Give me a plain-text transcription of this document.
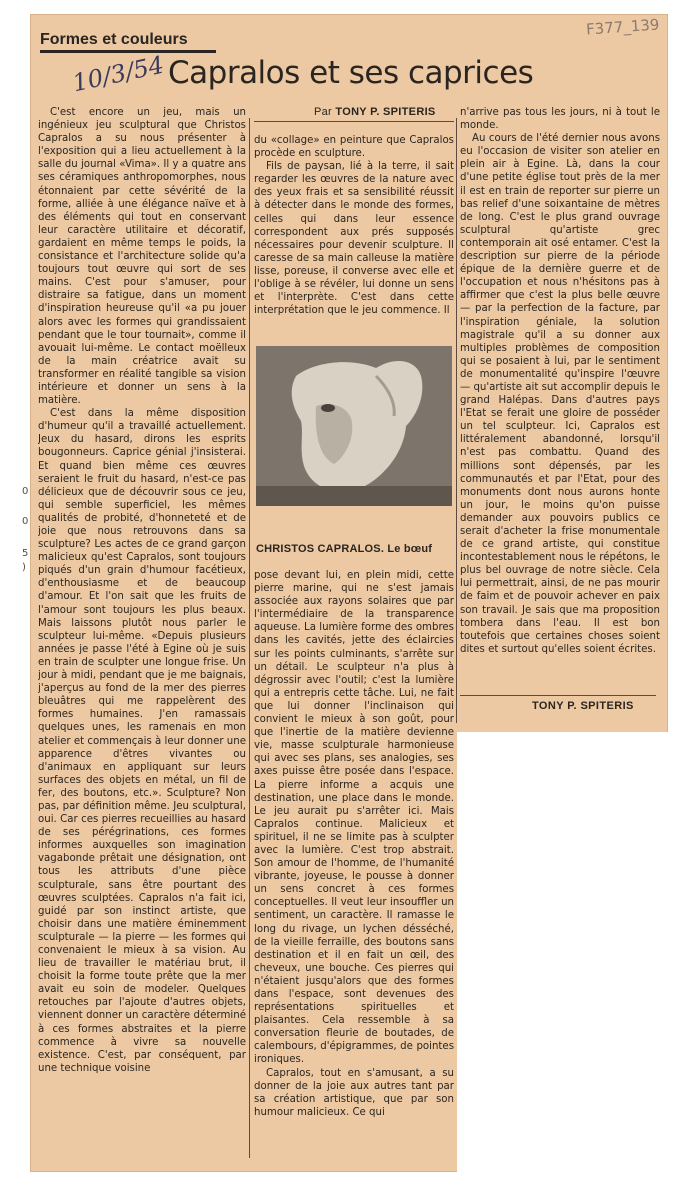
Formes et couleurs
F377_139
10/3/54 Capralos et ses caprices
Par TONY P. SPITERIS
0
0
5
)

C'est encore un jeu, mais un ingénieux jeu sculptural que Christos Capralos a su nous présenter à l'exposition qui a lieu actuellement à la salle du journal «Vima». Il y a quatre ans ses céramiques anthropomorphes, nous étonnaient par cette sévérité de la forme, alliée à une élégance naïve et à des éléments qui tout en conservant leur caractère utilitaire et décoratif, gardaient en même temps le poids, la consistance et l'architecture solide qu'a toujours tout œuvre qui sort de ses mains. C'est pour s'amuser, pour distraire sa fatigue, dans un moment d'inspiration heureuse qu'il «a pu jouer alors avec les formes qui grandissaient pendant que le tour tournait», comme il avouait lui-même. Le contact moëlleux de la main créatrice avait su transformer en réalité tangible sa vision intérieure et donner un sens à la matière.

C'est dans la même disposition d'humeur qu'il a travaillé actuellement. Jeux du hasard, dirons les esprits bougonneurs. Caprice génial j'insisterai. Et quand bien même ces œuvres seraient le fruit du hasard, n'est-ce pas délicieux que de découvrir sous ce jeu, qui semble superficiel, les mêmes qualités de probité, d'honneteté et de joie que nous retrouvons dans sa sculpture? Les actes de ce grand garçon malicieux qu'est Capralos, sont toujours piqués d'un grain d'humour facétieux, d'enthousiasme et de beaucoup d'amour. Et l'on sait que les fruits de l'amour sont toujours les plus beaux. Mais laissons plutôt nous parler le sculpteur lui-même. «Depuis plusieurs années je passe l'été à Egine où je suis en train de sculpter une longue frise. Un jour à midi, pendant que je me baignais, j'aperçus au fond de la mer des pierres bleuâtres qui me rappelèrent des formes humaines. J'en ramassais quelques unes, les ramenais en mon atelier et commençais à leur donner une apparence d'êtres vivantes ou d'animaux en appliquant sur leurs surfaces des objets en métal, un fil de fer, des boutons, etc.». Sculpture? Non pas, par définition même. Jeu sculptural, oui. Car ces pierres recueillies au hasard de ses pérégrinations, ces formes informes auxquelles son imagination vagabonde prêtait une désignation, ont tous les attributs d'une pièce sculpturale, sans être pourtant des œuvres sculptées. Capralos n'a fait ici, guidé par son instinct artiste, que choisir dans une matière éminemment sculpturale — la pierre — les formes qui convenaient le mieux à sa vision. Au lieu de travailler le matériau brut, il choisit la forme toute prête que la mer avait eu soin de modeler. Quelques retouches par l'ajoute d'autres objets, viennent donner un caractère déterminé à ces formes abstraites et la pierre commence à vivre sa nouvelle existence. C'est, par conséquent, par une technique voisine

du «collage» en peinture que Capralos procède en sculpture.

Fils de paysan, lié à la terre, il sait regarder les œuvres de la nature avec des yeux frais et sa sensibilité réussit à détecter dans le monde des formes, celles qui dans leur essence correspondent aux prés supposés nécessaires pour devenir sculpture. Il caresse de sa main calleuse la matière lisse, poreuse, il converse avec elle et l'oblige à se révéler, lui donne un sens et l'interprète. C'est dans cette interprétation que le jeu commence. Il

CHRISTOS CAPRALOS. Le bœuf

pose devant lui, en plein midi, cette pierre marine, qui ne s'est jamais associée aux rayons solaires que par l'intermédiaire de la transparence aqueuse. La lumière forme des ombres dans les cavités, jette des éclaircies sur les points culminants, s'arrête sur un détail. Le sculpteur n'a plus à dégrossir avec l'outil; c'est la lumière qui a entrepris cette tâche. Lui, ne fait que lui donner l'inclinaison qui convient le mieux à son goût, pour que l'inertie de la matière devienne vie, masse sculpturale harmonieuse qui avec ses plans, ses analogies, ses axes puisse être posée dans l'espace. La pierre informe a acquis une destination, une place dans le monde. Le jeu aurait pu s'arrêter ici. Mais Capralos continue. Malicieux et spirituel, il ne se limite pas à sculpter avec la lumière. C'est trop abstrait. Son amour de l'homme, de l'humanité vibrante, joyeuse, le pousse à donner un sens concret à ces formes conceptuelles. Il veut leur insouffler un sentiment, un caractère. Il ramasse le long du rivage, un lychen désséché, de la vieille ferraille, des boutons sans destination et il en fait un œil, des cheveux, une bouche. Ces pierres qui n'étaient jusqu'alors que des formes dans l'espace, sont devenues des représentations spirituelles et plaisantes. Cela ressemble à sa conversation fleurie de boutades, de calembours, d'épigrammes, de pointes ironiques.

Capralos, tout en s'amusant, a su donner de la joie aux autres tant par sa création artistique, que par son humour malicieux. Ce qui

n'arrive pas tous les jours, ni à tout le monde.

Au cours de l'été dernier nous avons eu l'occasion de visiter son atelier en plein air à Egine. Là, dans la cour d'une petite église tout près de la mer il est en train de reporter sur pierre un bas relief d'une soixantaine de mètres de long. C'est le plus grand ouvrage sculptural qu'artiste grec contemporain ait osé entamer. C'est la description sur pierre de la période épique de la dernière guerre et de l'occupation et nous n'hésitons pas à affirmer que c'est la plus belle œuvre — par la perfection de la facture, par l'inspiration géniale, la solution magistrale qu'il a su donner aux multiples problèmes de composition qui se posaient à lui, par le sentiment de monumentalité qu'inspire l'œuvre — qu'artiste ait sut accomplir depuis le grand Halépas. Dans d'autres pays l'Etat se ferait une gloire de posséder un tel sculpteur. Ici, Capralos est littéralement abandonné, lorsqu'il n'est pas combattu. Quand des millions sont dépensés, par les communautés et par l'Etat, pour des monuments dont nous aurons honte un jour, le moins qu'on puisse demander aux pouvoirs publics ce serait d'acheter la frise monumentale de ce grand artiste, qui constitue incontestablement nous le répétons, le plus bel ouvrage de notre siècle. Cela lui permettrait, ainsi, de ne pas mourir de faim et de pouvoir achever en paix son travail. Je sais que ma proposition tombera dans l'eau. Il est bon toutefois que certaines choses soient dites et surtout qu'elles soient écrites.

TONY P. SPITERIS
